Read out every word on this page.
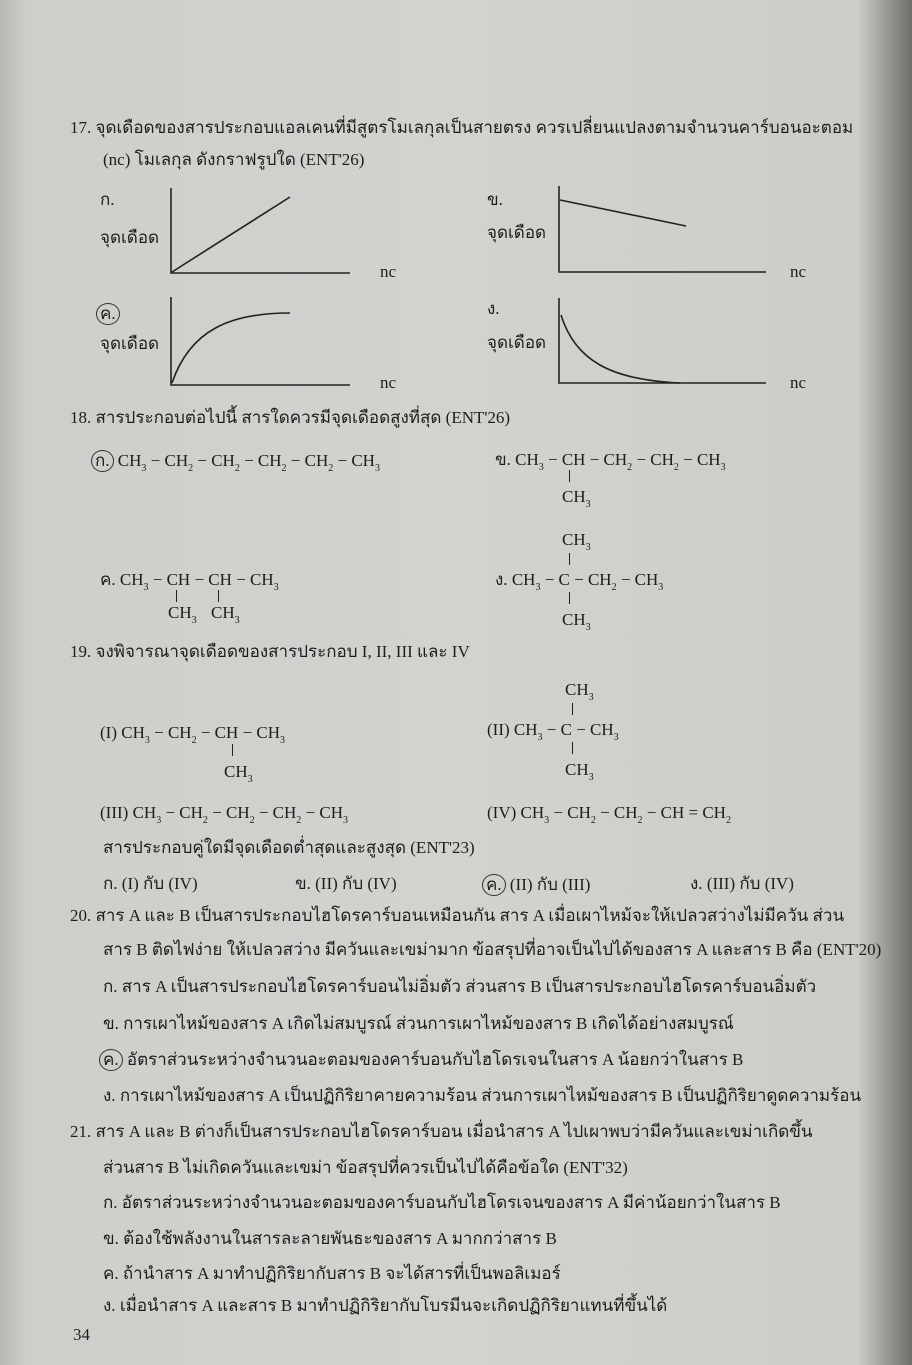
17. จุดเดือดของสารประกอบแอลเคนที่มีสูตรโมเลกุลเป็นสายตรง ควรเปลี่ยนแปลงตามจำนวนคาร์บอนอะตอม
(nc) โมเลกุล ดังกราฟรูปใด (ENT'26)
ก.
จุดเดือด
nc
ข.
จุดเดือด
nc
ค.
จุดเดือด
nc
ง.
จุดเดือด
nc
18. สารประกอบต่อไปนี้ สารใดควรมีจุดเดือดสูงที่สุด (ENT'26)
ก. $CH_3 - CH_2 - CH_2 - CH_2 - CH_2 - CH_3$	ข. $CH_3$ − CH − $CH_2 - CH_2 - CH_3$
$CH_3$
ค. $CH_3$ − CH − CH − $CH_3$
$CH_3$ $CH_3$
$CH_3$
ง. $CH_3 - C - CH_2 - CH_3$
$CH_3$
19. จงพิจารณาจุดเดือดของสารประกอบ I, II, III และ IV
(I) $CH_3 - CH_2$ − CH − $CH_3$
$CH_3$
$CH_3$
(II) $CH_3 - C - CH_3$
$CH_3$
(III) $CH_3 - CH_2 - CH_2 - CH_2 - CH_3$	(IV) $CH_3 - CH_2 - CH_2$ − CH = $CH_2$
สารประกอบคู่ใดมีจุดเดือดต่ำสุดและสูงสุด (ENT'23)
ก. (I) กับ (IV)	ข. (II) กับ (IV)	ค. (II) กับ (III)	ง. (III) กับ (IV)
20. สาร A และ B เป็นสารประกอบไฮโดรคาร์บอนเหมือนกัน สาร A เมื่อเผาไหม้จะให้เปลวสว่างไม่มีควัน ส่วน
สาร B ติดไฟง่าย ให้เปลวสว่าง มีควันและเขม่ามาก ข้อสรุปที่อาจเป็นไปได้ของสาร A และสาร B คือ (ENT'20)
ก. สาร A เป็นสารประกอบไฮโดรคาร์บอนไม่อิ่มตัว ส่วนสาร B เป็นสารประกอบไฮโดรคาร์บอนอิ่มตัว
ข. การเผาไหม้ของสาร A เกิดไม่สมบูรณ์ ส่วนการเผาไหม้ของสาร B เกิดได้อย่างสมบูรณ์
ค. อัตราส่วนระหว่างจำนวนอะตอมของคาร์บอนกับไฮโดรเจนในสาร A น้อยกว่าในสาร B
ง. การเผาไหม้ของสาร A เป็นปฏิกิริยาคายความร้อน ส่วนการเผาไหม้ของสาร B เป็นปฏิกิริยาดูดความร้อน
21. สาร A และ B ต่างก็เป็นสารประกอบไฮโดรคาร์บอน เมื่อนำสาร A ไปเผาพบว่ามีควันและเขม่าเกิดขึ้น
ส่วนสาร B ไม่เกิดควันและเขม่า ข้อสรุปที่ควรเป็นไปได้คือข้อใด (ENT'32)
ก. อัตราส่วนระหว่างจำนวนอะตอมของคาร์บอนกับไฮโดรเจนของสาร A มีค่าน้อยกว่าในสาร B
ข. ต้องใช้พลังงานในสารละลายพันธะของสาร A มากกว่าสาร B
ค. ถ้านำสาร A มาทำปฏิกิริยากับสาร B จะได้สารที่เป็นพอลิเมอร์
ง. เมื่อนำสาร A และสาร B มาทำปฏิกิริยากับโบรมีนจะเกิดปฏิกิริยาแทนที่ขึ้นได้
34
